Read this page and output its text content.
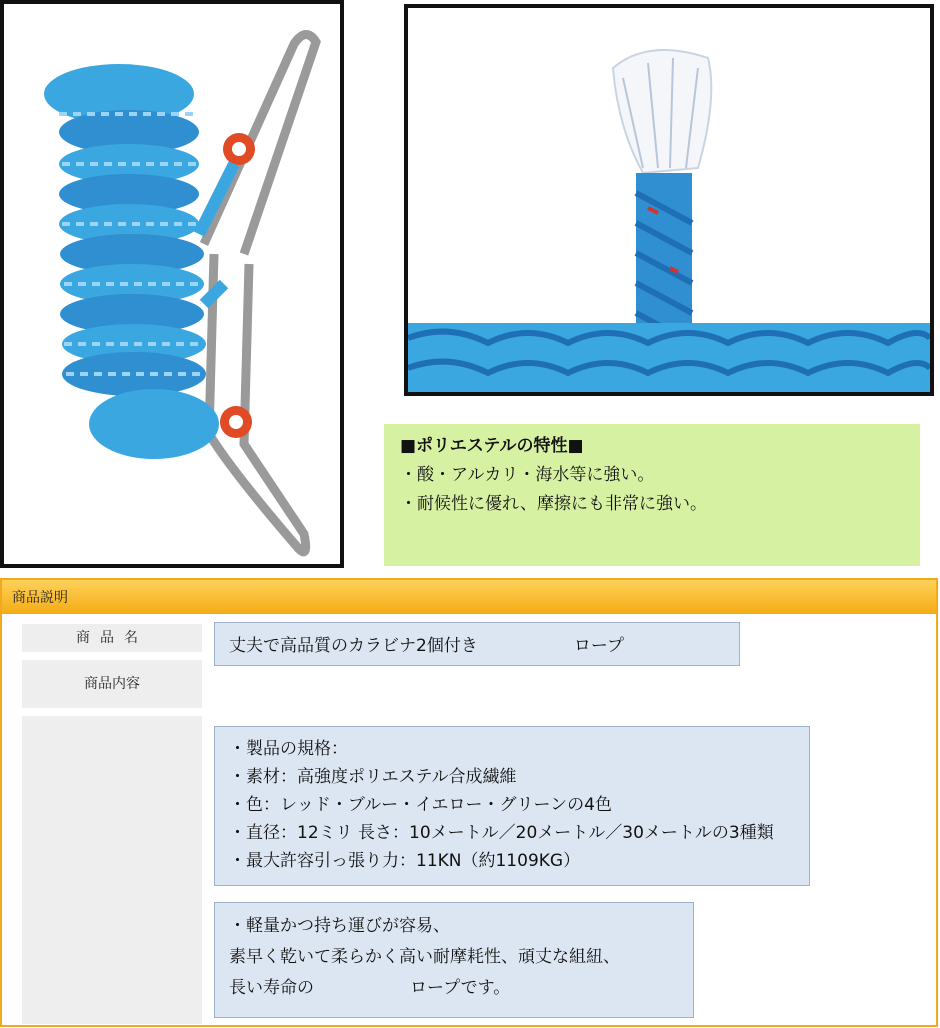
■ポリエステルの特性■
・酸・アルカリ・海水等に強い。
・耐候性に優れ、摩擦にも非常に強い。
商品説明
商品名	丈夫で高品質のカラビナ2個付き	ロープ
商品内容
・製品の規格：
・素材：高強度ポリエステル合成繊維
・色：レッド・ブルー・イエロー・グリーンの4色
・直径：12ミリ 長さ：10メートル／20メートル／30メートルの3種類
・最大許容引っ張り力：11KN（約1109KG）
・軽量かつ持ち運びが容易、
素早く乾いて柔らかく高い耐摩耗性、頑丈な組紐、
長い寿命の	ロープです。
